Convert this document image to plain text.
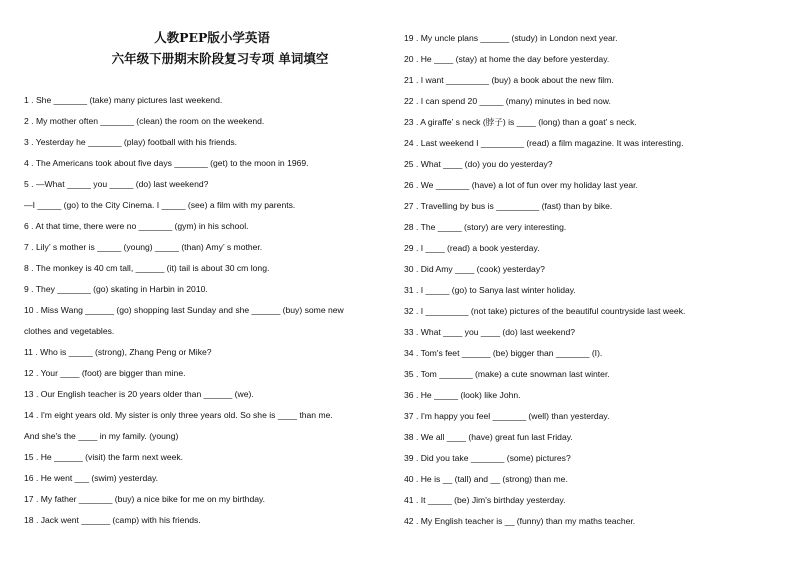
人教PEP版小学英语
六年级下册期末阶段复习专项 单词填空
1 . She _______ (take) many pictures last weekend.
2 . My mother often _______ (clean) the room on the weekend.
3 . Yesterday he _______ (play) football with his friends.
4 . The Americans took about five days _______ (get) to the moon in 1969.
5 . —What _____ you _____ (do) last weekend?
—I _____ (go) to the City Cinema. I _____ (see) a film with my parents.
6 . At that time, there were no _______ (gym) in his school.
7 . Lily’ s mother is _____ (young) _____ (than) Amy’ s mother.
8 . The monkey is 40 cm tall, ______ (it) tail is about 30 cm long.
9 . They _______ (go) skating in Harbin in 2010.
10 . Miss Wang ______ (go) shopping last Sunday and she ______ (buy) some new
clothes and vegetables.
11 . Who is _____ (strong), Zhang Peng or Mike?
12 . Your ____ (foot) are bigger than mine.
13 . Our English teacher is 20 years older than ______ (we).
14 . I'm eight years old. My sister is only three years old. So she is ____ than me.
And she's the ____ in my family. (young)
15 . He ______ (visit) the farm next week.
16 . He went ___ (swim) yesterday.
17 . My father _______ (buy) a nice bike for me on my birthday.
18 . Jack went ______ (camp) with his friends.
19 . My uncle plans ______ (study) in London next year.
20 . He ____ (stay) at home the day before yesterday.
21 . I want _________ (buy) a book about the new film.
22 . I can spend 20 _____ (many) minutes in bed now.
23 . A giraffe’ s neck (脖子) is ____ (long) than a goat’ s neck.
24 . Last weekend I _________ (read) a film magazine. It was interesting.
25 . What ____ (do) you do yesterday?
26 . We _______ (have) a lot of fun over my holiday last year.
27 . Travelling by bus is _________ (fast) than by bike.
28 . The _____ (story) are very interesting.
29 . I ____ (read) a book yesterday.
30 . Did Amy ____ (cook) yesterday?
31 . I _____ (go) to Sanya last winter holiday.
32 . I _________ (not take) pictures of the beautiful countryside last week.
33 . What ____ you ____ (do) last weekend?
34 . Tom's feet ______ (be) bigger than _______ (I).
35 . Tom _______ (make) a cute snowman last winter.
36 . He _____ (look) like John.
37 . I'm happy you feel _______ (well) than yesterday.
38 . We all ____ (have) great fun last Friday.
39 . Did you take _______ (some) pictures?
40 . He is __ (tall) and __ (strong) than me.
41 . It _____ (be) Jim's birthday yesterday.
42 . My English teacher is __ (funny) than my maths teacher.
